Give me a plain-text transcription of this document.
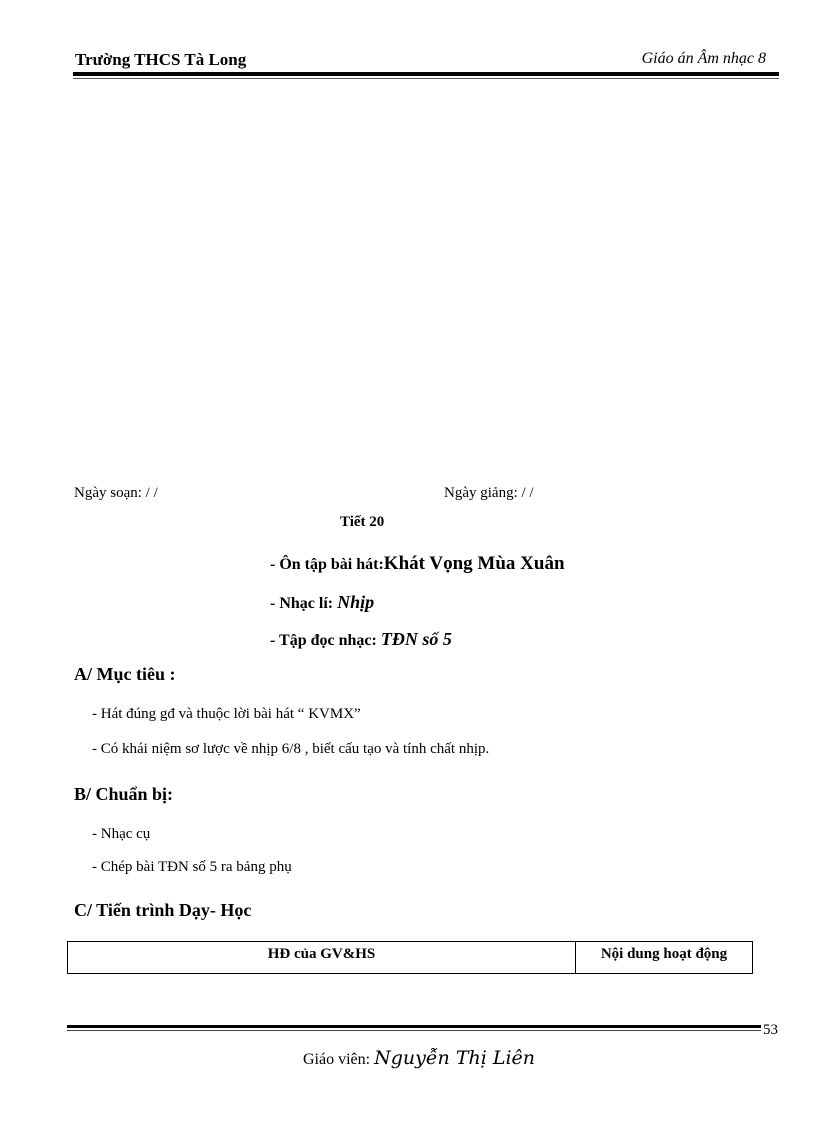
Trường THCS Tà Long	Giáo án Âm nhạc 8
Ngày soạn: / /	Ngày giảng: / /
Tiết 20
- Ôn tập bài hát:Khát Vọng Mùa Xuân
- Nhạc lí: Nhịp
- Tập đọc nhạc: TĐN số 5
A/ Mục tiêu :
- Hát đúng gđ và thuộc lời bài hát “ KVMX”
- Có khái niệm sơ lược về nhịp 6/8 , biết cấu tạo và tính chất nhịp.
B/ Chuẩn bị:
- Nhạc cụ
- Chép bài TĐN số 5 ra bảng phụ
C/ Tiến trình Dạy- Học
HĐ của GV&HS	Nội dung hoạt động
53
Giáo viên: Nguyễn Thị Liên
